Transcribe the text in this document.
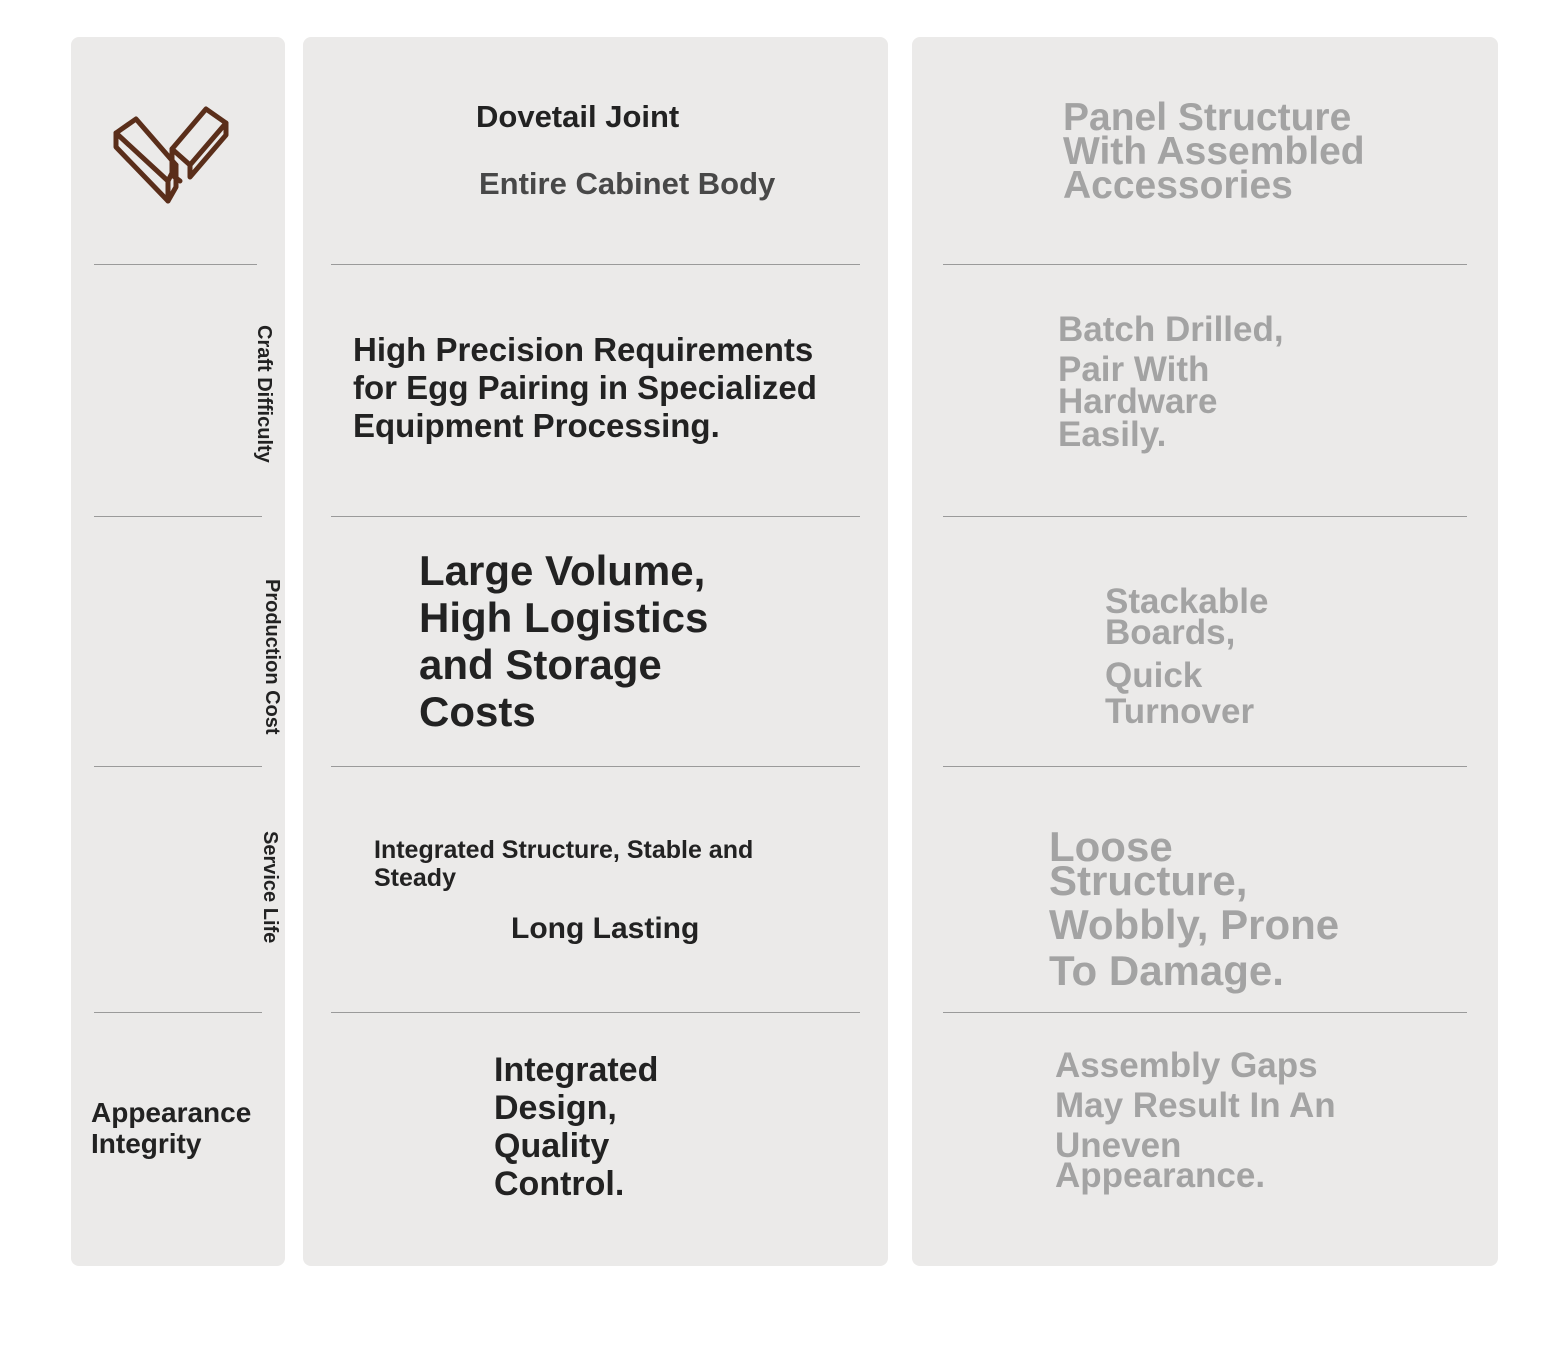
Craft Difficulty

Production Cost

Service Life

Appearance
Integrity

Dovetail Joint

Entire Cabinet Body

High Precision Requirements
for Egg Pairing in Specialized
Equipment Processing.

Large Volume,
High Logistics
and Storage
Costs

Integrated Structure, Stable and
Steady

Long Lasting

Integrated
Design,
Quality
Control.

Panel Structure
With Assembled
Accessories

Batch Drilled,
Pair With
Hardware
Easily.

Stackable
Boards,
Quick
Turnover

Loose
Structure,
Wobbly, Prone
To Damage.

Assembly Gaps
May Result In An
Uneven
Appearance.
